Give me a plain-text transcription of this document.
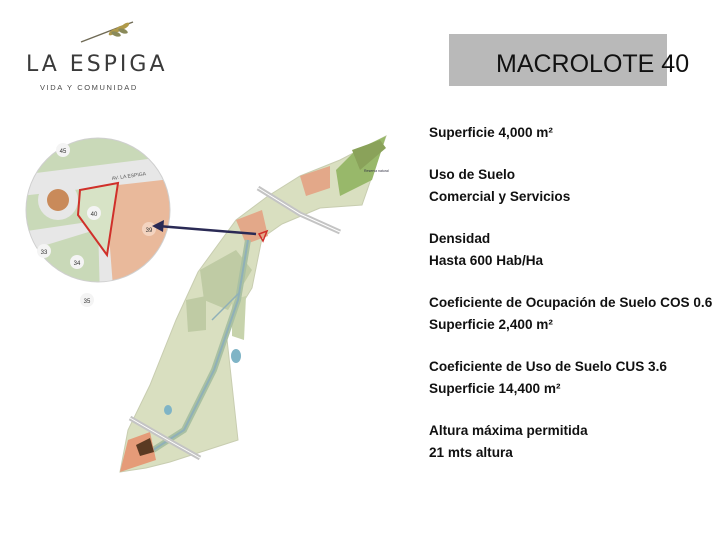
LA ESPIGA
VIDA Y COMUNIDAD
MACROLOTE 40
45
40
39
33
34
35
AV. LA ESPIGA
Reserva natural
Superficie 4,000 m²
Uso de Suelo
Comercial y Servicios
Densidad
Hasta 600 Hab/Ha
Coeficiente de Ocupación de Suelo COS 0.6
Superficie 2,400 m²
Coeficiente de Uso de Suelo CUS 3.6
Superficie 14,400 m²
Altura máxima permitida
21 mts altura
